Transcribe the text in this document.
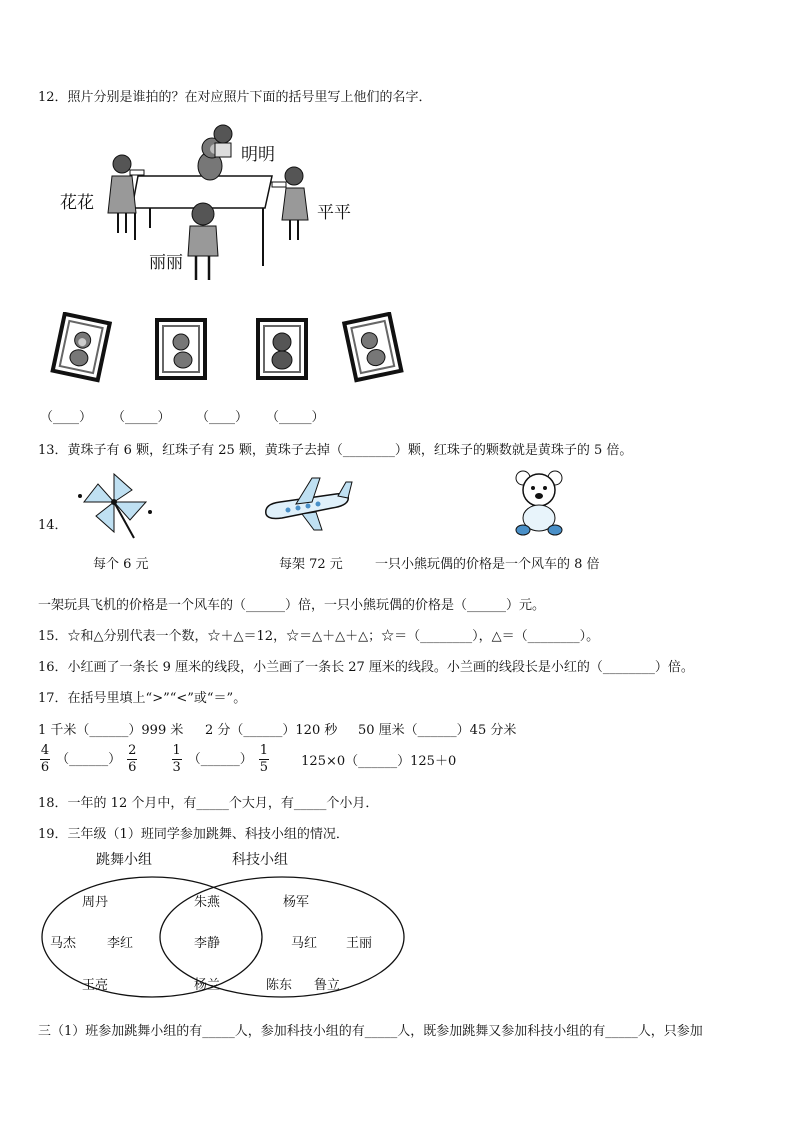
12．照片分别是谁拍的？在对应照片下面的括号里写上他们的名字．
明明
花花	平平
丽丽
（____） （_____） （____） （_____）
13．黄珠子有 6 颗，红珠子有 25 颗，黄珠子去掉（________）颗，红珠子的颗数就是黄珠子的 5 倍。
14．
每个 6 元	每架 72 元 一只小熊玩偶的价格是一个风车的 8 倍
一架玩具飞机的价格是一个风车的（______）倍，一只小熊玩偶的价格是（______）元。
15．☆和△分别代表一个数，☆＋△＝12，☆＝△＋△＋△；☆＝（________），△＝（________）。
16．小红画了一条长 9 厘米的线段，小兰画了一条长 27 厘米的线段。小兰画的线段长是小红的（________）倍。
17．在括号里填上“>”“<”或“＝”。
1 千米（______）999 米 2 分（______）120 秒 50 厘米（______）45 分米
$\frac{4}{6}$ （______） $\frac{2}{6}$
	$\frac{1}{3}$ （______） $\frac{1}{5}$ 125×0（______）125＋0
18．一年的 12 个月中，有_____个大月，有_____个小月．
19．三年级（1）班同学参加跳舞、科技小组的情况．
跳舞小组	科技小组
周丹
马杰 李红
王亮
朱燕
李静
杨兰
杨军
马红 王丽
陈东 鲁立
三（1）班参加跳舞小组的有_____人，参加科技小组的有_____人，既参加跳舞又参加科技小组的有_____人，只参加
